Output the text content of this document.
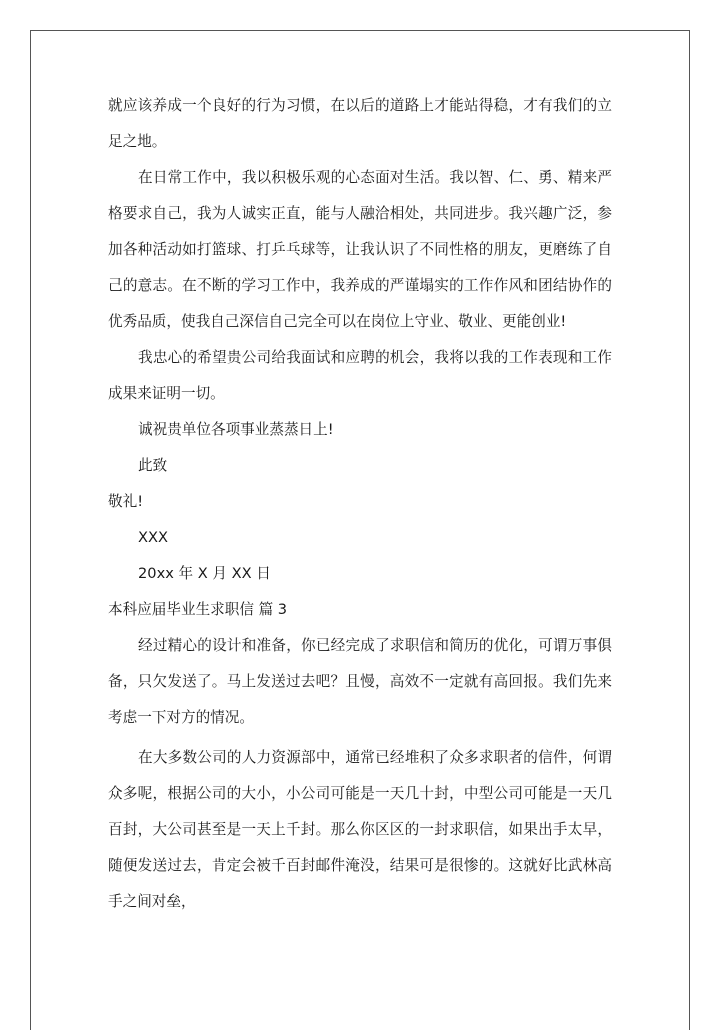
就应该养成一个良好的行为习惯，在以后的道路上才能站得稳，才有我们的立足之地。

在日常工作中，我以积极乐观的心态面对生活。我以智、仁、勇、精来严格要求自己，我为人诚实正直，能与人融洽相处，共同进步。我兴趣广泛，参加各种活动如打篮球、打乒乓球等，让我认识了不同性格的朋友，更磨练了自己的意志。在不断的学习工作中，我养成的严谨塌实的工作作风和团结协作的优秀品质，使我自己深信自己完全可以在岗位上守业、敬业、更能创业!

我忠心的希望贵公司给我面试和应聘的机会，我将以我的工作表现和工作成果来证明一切。

诚祝贵单位各项事业蒸蒸日上!

此致

敬礼!

XXX

20xx 年 X 月 XX 日

本科应届毕业生求职信 篇 3

经过精心的设计和准备，你已经完成了求职信和简历的优化，可谓万事俱备，只欠发送了。马上发送过去吧？且慢，高效不一定就有高回报。我们先来考虑一下对方的情况。

在大多数公司的人力资源部中，通常已经堆积了众多求职者的信件，何谓众多呢，根据公司的大小，小公司可能是一天几十封，中型公司可能是一天几百封，大公司甚至是一天上千封。那么你区区的一封求职信，如果出手太早，随便发送过去，肯定会被千百封邮件淹没，结果可是很惨的。这就好比武林高手之间对垒，
